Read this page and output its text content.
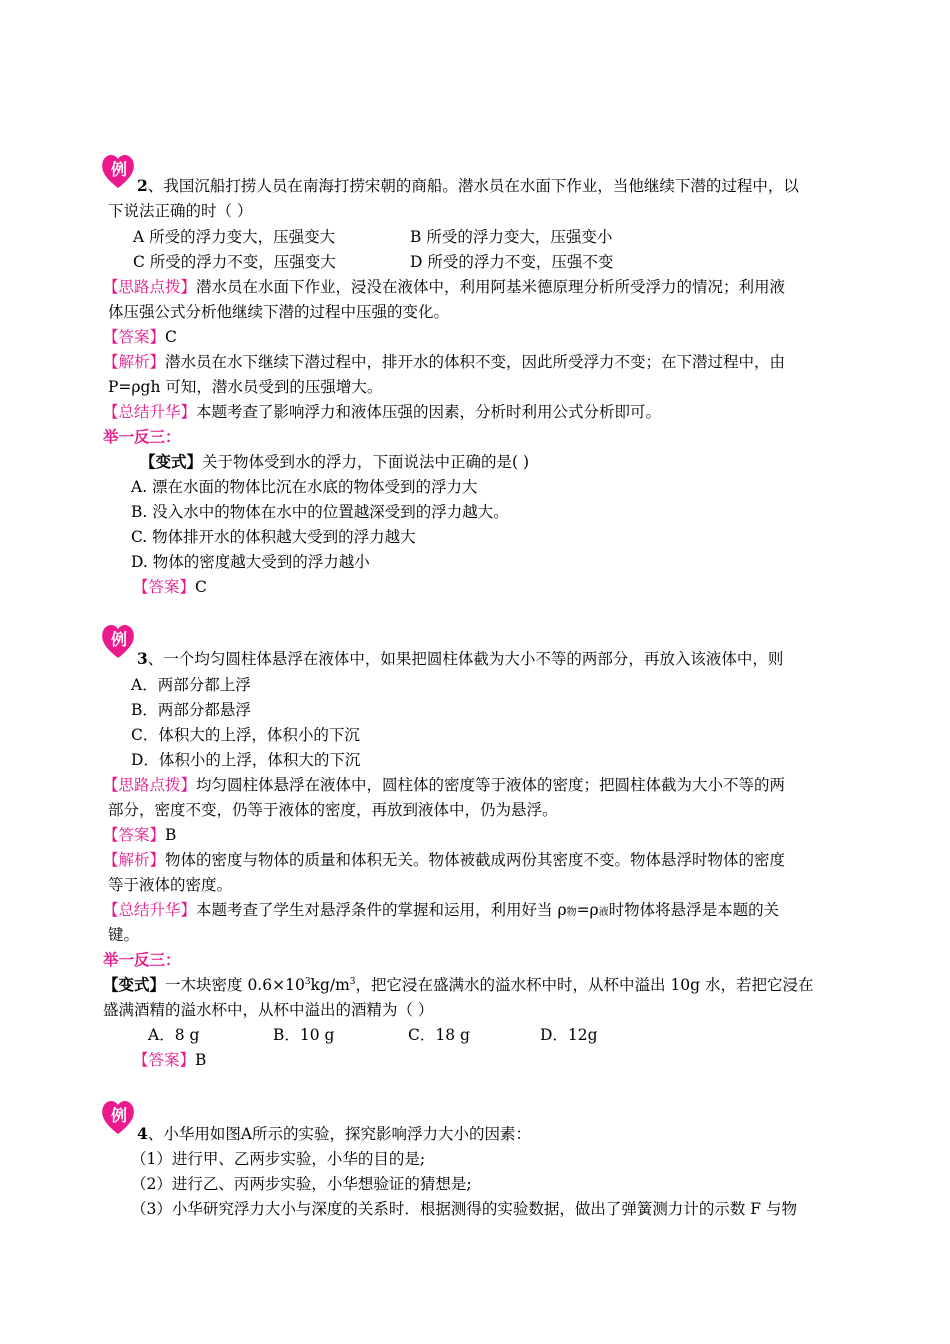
例
2、我国沉船打捞人员在南海打捞宋朝的商船。潜水员在水面下作业，当他继续下潜的过程中，以
下说法正确的时（ ）
A 所受的浮力变大，压强变大	B 所受的浮力变大，压强变小
C 所受的浮力不变，压强变大	D 所受的浮力不变，压强不变
【思路点拨】潜水员在水面下作业，浸没在液体中，利用阿基米德原理分析所受浮力的情况；利用液
体压强公式分析他继续下潜的过程中压强的变化。
【答案】C
【解析】潜水员在水下继续下潜过程中，排开水的体积不变，因此所受浮力不变；在下潜过程中，由
P=ρgh 可知，潜水员受到的压强增大。
【总结升华】本题考查了影响浮力和液体压强的因素，分析时利用公式分析即可。
举一反三：
【变式】关于物体受到水的浮力，下面说法中正确的是( )
A. 漂在水面的物体比沉在水底的物体受到的浮力大
B. 没入水中的物体在水中的位置越深受到的浮力越大。
C. 物体排开水的体积越大受到的浮力越大
D. 物体的密度越大受到的浮力越小
【答案】C
例
3、一个均匀圆柱体悬浮在液体中，如果把圆柱体截为大小不等的两部分，再放入该液体中，则
A．两部分都上浮
B．两部分都悬浮
C．体积大的上浮，体积小的下沉
D．体积小的上浮，体积大的下沉
【思路点拨】均匀圆柱体悬浮在液体中，圆柱体的密度等于液体的密度；把圆柱体截为大小不等的两
部分，密度不变，仍等于液体的密度，再放到液体中，仍为悬浮。
【答案】B
【解析】物体的密度与物体的质量和体积无关。物体被截成两份其密度不变。物体悬浮时物体的密度
等于液体的密度。
【总结升华】本题考查了学生对悬浮条件的掌握和运用，利用好当 ρ物=ρ液时物体将悬浮是本题的关
键。
举一反三：
【变式】一木块密度 $0.6\times 10^3kg/m^3$，把它浸在盛满水的溢水杯中时，从杯中溢出 10g 水，若把它浸在
盛满酒精的溢水杯中，从杯中溢出的酒精为（ ）
A．8 g	B．10 g	C．18 g	D．12g
【答案】B
例
4、小华用如图A所示的实验，探究影响浮力大小的因素：
（1）进行甲、乙两步实验，小华的目的是;
（2）进行乙、丙两步实验，小华想验证的猜想是;
（3）小华研究浮力大小与深度的关系时．根据测得的实验数据，做出了弹簧测力计的示数 F 与物
